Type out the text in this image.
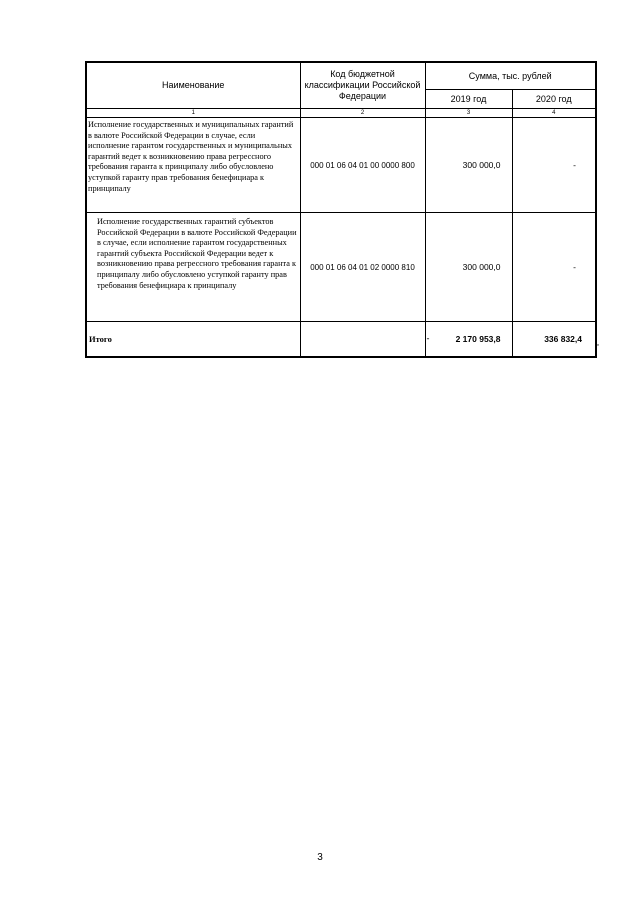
Наименование	Код бюджетной классификации Российской Федерации	Сумма, тыс. рублей	
		2019 год	2020 год
1	2	3	4
Исполнение государственных и муниципальных гарантий в валюте Российской Федерации в случае, если исполнение гарантом государственных и муниципальных гарантий ведет к возникновению права регрессного требования гаранта к принципалу либо обусловлено уступкой гаранту прав требования бенефициара к принципалу	000 01 06 04 01 00 0000 800	300 000,0	-
Исполнение государственных гарантий субъектов Российской Федерации в валюте Российской Федерации в случае, если исполнение гарантом государственных гарантий субъекта Российской Федерации ведет к возникновению права регрессного требования гаранта к принципалу либо обусловлено уступкой гаранту прав требования бенефициара к принципалу	000 01 06 04 01 02 0000 810	300 000,0	-
Итого		- 2 170 953,8	336 832,4
*
3
